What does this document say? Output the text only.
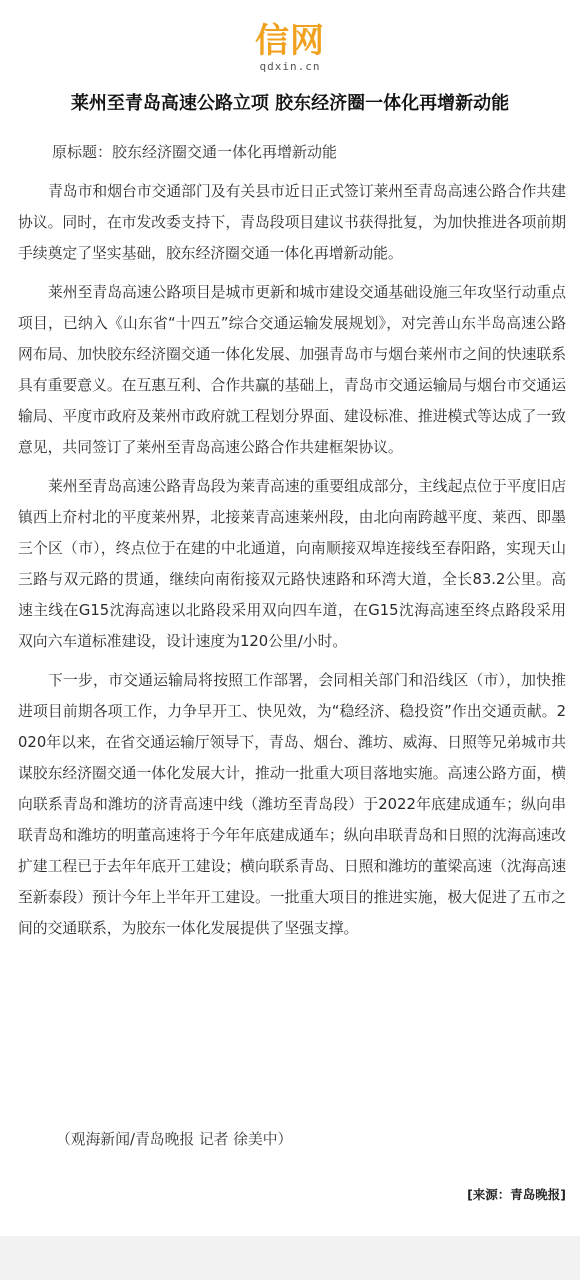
信网
qdxin.cn
莱州至青岛高速公路立项 胶东经济圈一体化再增新动能
原标题：胶东经济圈交通一体化再增新动能

青岛市和烟台市交通部门及有关县市近日正式签订莱州至青岛高速公路合作共建协议。同时，在市发改委支持下，青岛段项目建议书获得批复，为加快推进各项前期手续奠定了坚实基础，胶东经济圈交通一体化再增新动能。

莱州至青岛高速公路项目是城市更新和城市建设交通基础设施三年攻坚行动重点项目，已纳入《山东省“十四五”综合交通运输发展规划》，对完善山东半岛高速公路网布局、加快胶东经济圈交通一体化发展、加强青岛市与烟台莱州市之间的快速联系具有重要意义。在互惠互利、合作共赢的基础上，青岛市交通运输局与烟台市交通运输局、平度市政府及莱州市政府就工程划分界面、建设标准、推进模式等达成了一致意见，共同签订了莱州至青岛高速公路合作共建框架协议。

莱州至青岛高速公路青岛段为莱青高速的重要组成部分，主线起点位于平度旧店镇西上夼村北的平度莱州界，北接莱青高速莱州段，由北向南跨越平度、莱西、即墨三个区（市），终点位于在建的中北通道，向南顺接双埠连接线至春阳路，实现天山三路与双元路的贯通，继续向南衔接双元路快速路和环湾大道，全长83.2公里。高速主线在G15沈海高速以北路段采用双向四车道，在G15沈海高速至终点路段采用双向六车道标准建设，设计速度为120公里/小时。

下一步，市交通运输局将按照工作部署，会同相关部门和沿线区（市），加快推进项目前期各项工作，力争早开工、快见效，为“稳经济、稳投资”作出交通贡献。2020年以来，在省交通运输厅领导下，青岛、烟台、潍坊、威海、日照等兄弟城市共谋胶东经济圈交通一体化发展大计，推动一批重大项目落地实施。高速公路方面，横向联系青岛和潍坊的济青高速中线（潍坊至青岛段）于2022年底建成通车；纵向串联青岛和潍坊的明董高速将于今年年底建成通车；纵向串联青岛和日照的沈海高速改扩建工程已于去年年底开工建设；横向联系青岛、日照和潍坊的董梁高速（沈海高速至新泰段）预计今年上半年开工建设。一批重大项目的推进实施，极大促进了五市之间的交通联系，为胶东一体化发展提供了坚强支撑。

（观海新闻/青岛晚报 记者 徐美中）
[来源：青岛晚报]
